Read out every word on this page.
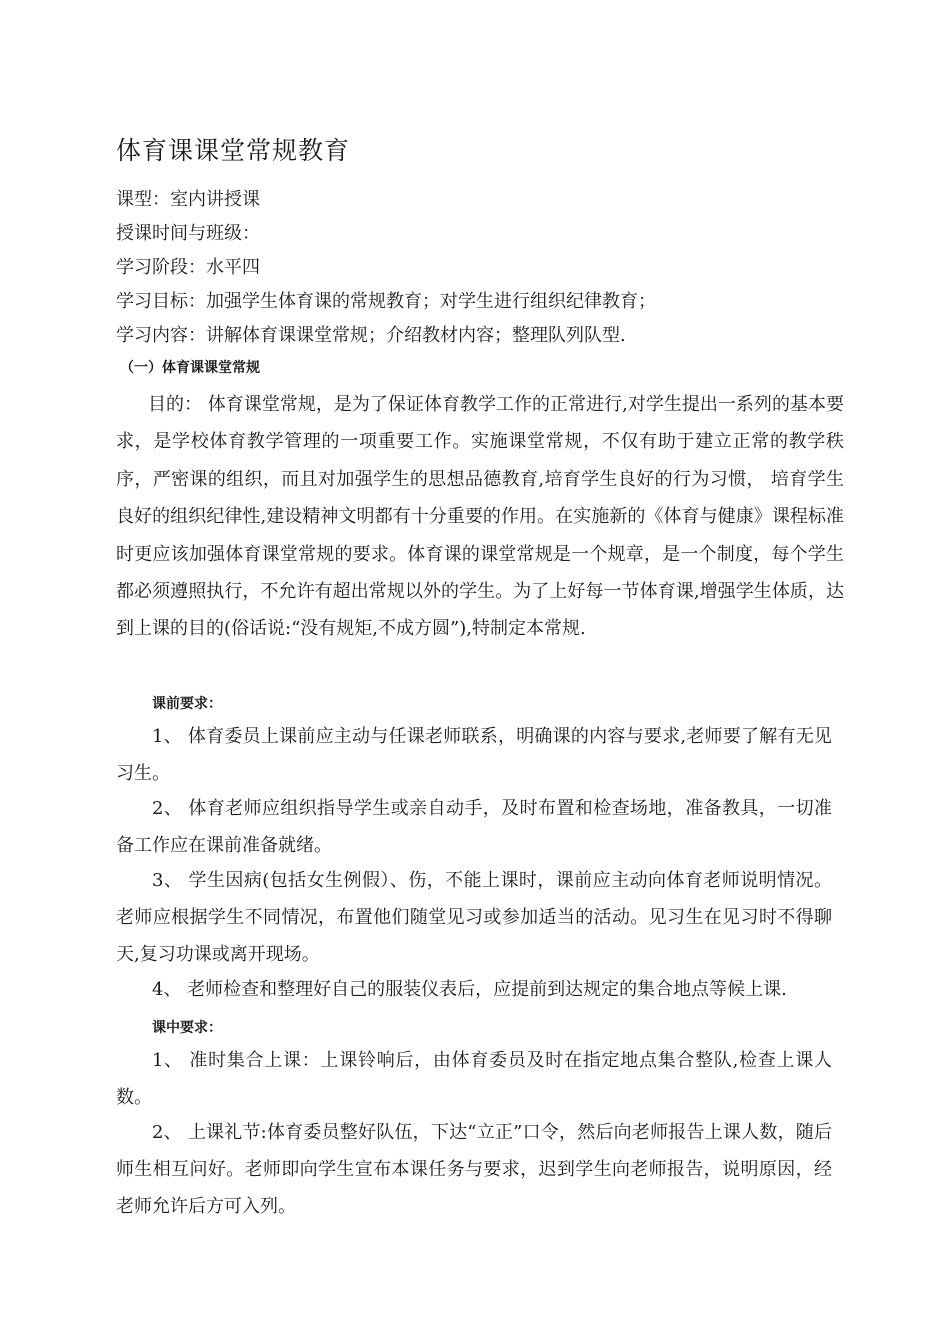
体育课课堂常规教育
课型：室内讲授课
授课时间与班级：
学习阶段：水平四
学习目标：加强学生体育课的常规教育；对学生进行组织纪律教育；
学习内容：讲解体育课课堂常规；介绍教材内容；整理队列队型.
（一）体育课课堂常规

目的： 体育课堂常规，是为了保证体育教学工作的正常进行,对学生提出一系列的基本要求，是学校体育教学管理的一项重要工作。实施课堂常规，不仅有助于建立正常的教学秩序，严密课的组织，而且对加强学生的思想品德教育,培育学生良好的行为习惯， 培育学生良好的组织纪律性,建设精神文明都有十分重要的作用。在实施新的《体育与健康》课程标准时更应该加强体育课堂常规的要求。体育课的课堂常规是一个规章，是一个制度，每个学生都必须遵照执行，不允许有超出常规以外的学生。为了上好每一节体育课,增强学生体质，达到上课的目的(俗话说:“没有规矩,不成方圆”),特制定本常规.

课前要求：

1、 体育委员上课前应主动与任课老师联系，明确课的内容与要求,老师要了解有无见习生。

2、 体育老师应组织指导学生或亲自动手，及时布置和检查场地，准备教具，一切准备工作应在课前准备就绪。

3、 学生因病(包括女生例假）、伤，不能上课时，课前应主动向体育老师说明情况。老师应根据学生不同情况，布置他们随堂见习或参加适当的活动。见习生在见习时不得聊天,复习功课或离开现场。

4、 老师检查和整理好自己的服装仪表后，应提前到达规定的集合地点等候上课.

课中要求：

1、 准时集合上课：上课铃响后，由体育委员及时在指定地点集合整队,检查上课人数。

2、 上课礼节:体育委员整好队伍，下达“立正”口令，然后向老师报告上课人数，随后师生相互问好。老师即向学生宣布本课任务与要求，迟到学生向老师报告，说明原因，经老师允许后方可入列。
